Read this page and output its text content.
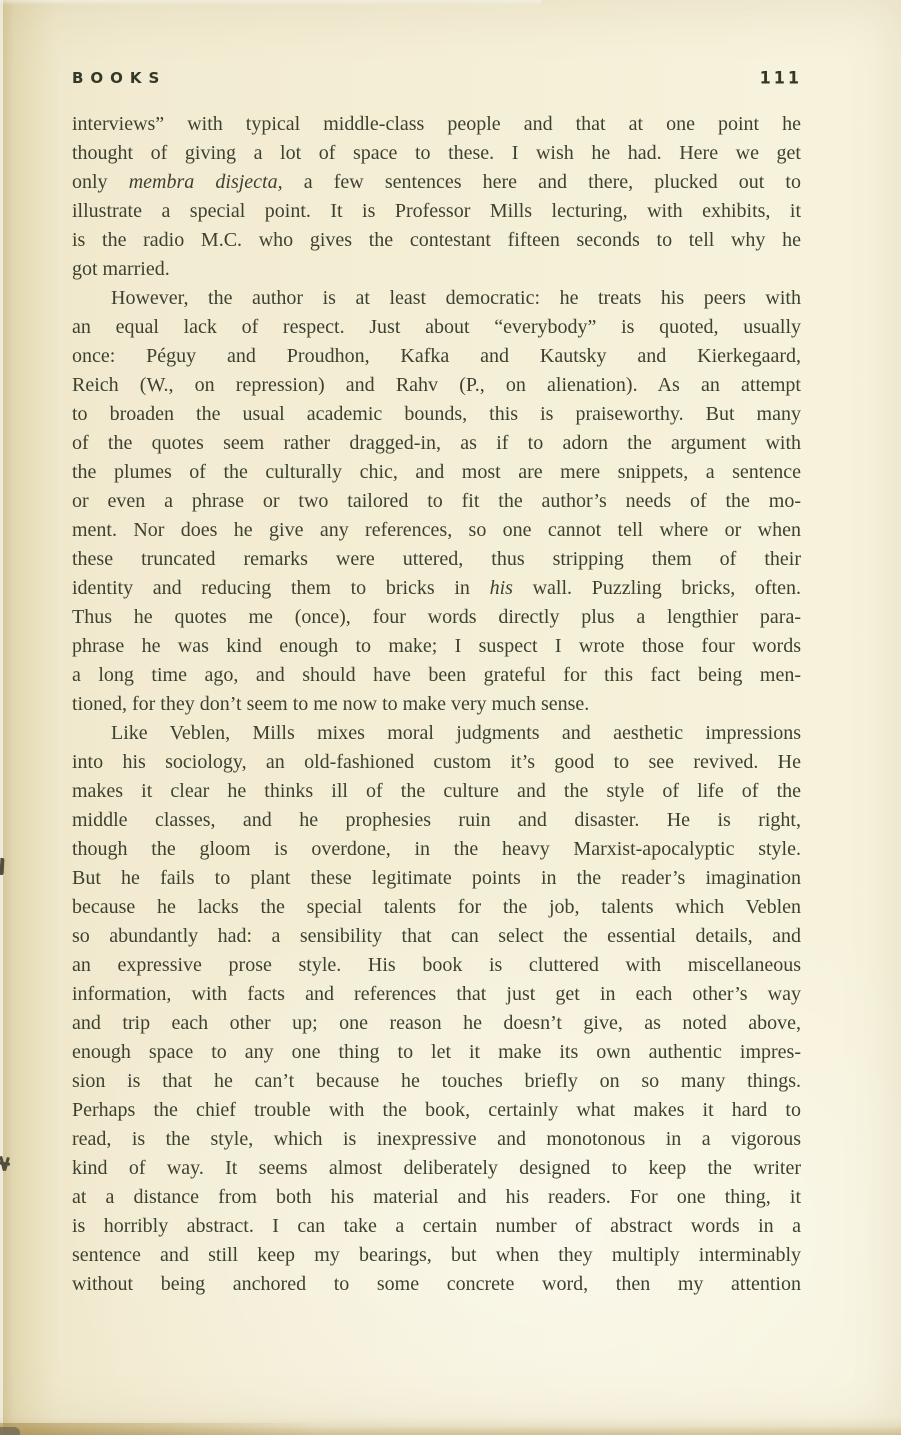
BOOKS	111
interviews” with typical middle-class people and that at one point he
thought of giving a lot of space to these. I wish he had. Here we get
only membra disjecta, a few sentences here and there, plucked out to
illustrate a special point. It is Professor Mills lecturing, with exhibits, it
is the radio M.C. who gives the contestant fifteen seconds to tell why he
got married.
However, the author is at least democratic: he treats his peers with
an equal lack of respect. Just about “everybody” is quoted, usually
once: Péguy and Proudhon, Kafka and Kautsky and Kierkegaard,
Reich (W., on repression) and Rahv (P., on alienation). As an attempt
to broaden the usual academic bounds, this is praiseworthy. But many
of the quotes seem rather dragged-in, as if to adorn the argument with
the plumes of the culturally chic, and most are mere snippets, a sentence
or even a phrase or two tailored to fit the author’s needs of the mo-
ment. Nor does he give any references, so one cannot tell where or when
these truncated remarks were uttered, thus stripping them of their
identity and reducing them to bricks in his wall. Puzzling bricks, often.
Thus he quotes me (once), four words directly plus a lengthier para-
phrase he was kind enough to make; I suspect I wrote those four words
a long time ago, and should have been grateful for this fact being men-
tioned, for they don’t seem to me now to make very much sense.
Like Veblen, Mills mixes moral judgments and aesthetic impressions
into his sociology, an old-fashioned custom it’s good to see revived. He
makes it clear he thinks ill of the culture and the style of life of the
middle classes, and he prophesies ruin and disaster. He is right,
though the gloom is overdone, in the heavy Marxist-apocalyptic style.
But he fails to plant these legitimate points in the reader’s imagination
because he lacks the special talents for the job, talents which Veblen
so abundantly had: a sensibility that can select the essential details, and
an expressive prose style. His book is cluttered with miscellaneous
information, with facts and references that just get in each other’s way
and trip each other up; one reason he doesn’t give, as noted above,
enough space to any one thing to let it make its own authentic impres-
sion is that he can’t because he touches briefly on so many things.
Perhaps the chief trouble with the book, certainly what makes it hard to
read, is the style, which is inexpressive and monotonous in a vigorous
kind of way. It seems almost deliberately designed to keep the writer
at a distance from both his material and his readers. For one thing, it
is horribly abstract. I can take a certain number of abstract words in a
sentence and still keep my bearings, but when they multiply interminably
without being anchored to some concrete word, then my attention
